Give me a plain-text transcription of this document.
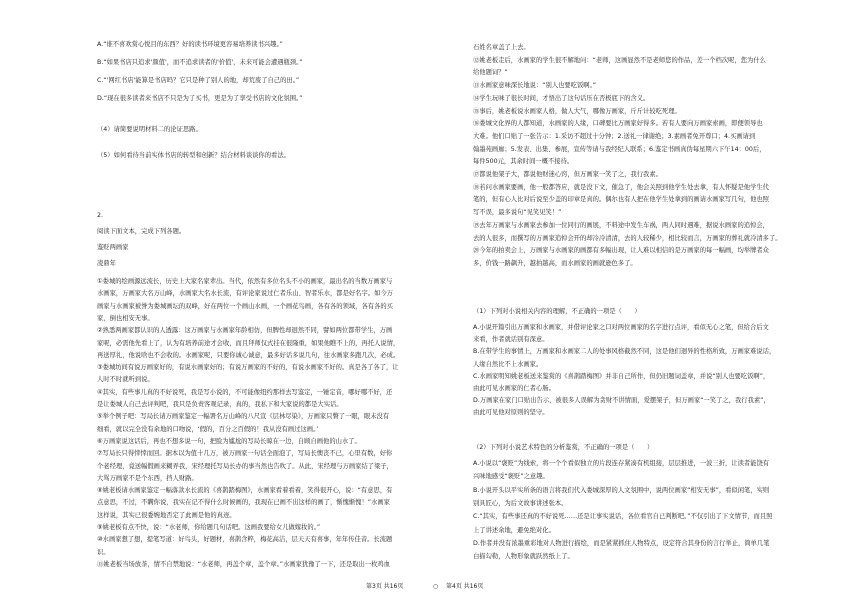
第3页 共16页
A.“谁不喜欢赏心悦目的东西？好的读书环境更容易培养读书兴趣。”
B.“如果书店只追求'颜值'，而不追求读者的'价值'，未来可能会遭遇瓶颈。”
C.“'网红书店'能算是书店吗？它只是种了别人的地，却荒废了自己的田。”
D.“现在很多读者来书店不只是为了买书，更是为了享受书店的文化氛围。”
（4）请简要说明材料二的论证思路。
（5）如何看待当前实体书店的转型和创新？结合材料谈谈你的看法。
2.
阅读下面文本，完成下列各题。
鉴贬两画家
凌鼎年
①娄城的绘画源远流长，历史上大家名家辈出。当代，依然有多位名头不小的画家，最出名的当数万画家与
水画家，万画家大名万山峰，水画家大名水长流，有评论家说过仁者乐山、智者乐水，都是好名字。如今万
画家与水画家被誉为娄城画坛的双峰，好在两位一个画山水画，一个画花鸟画，各有各的领域，各有各的买
家，倒也相安无事。
②熟悉两画家都认识的人透露：这万画家与水画家年龄相仿，但脾性却迥然不同，譬如两位都带学生，万画
家呢，必需他先看上了，认为有培养前途才会收，而且拜师仅式挂在很隆重，如果他瞧不上的，再托人说情，
再送厚礼，他说啥也不会收的。水画家呢，只要你诚心诚意，最多好话多说几句，往水画家多跑几次，必成。
③娄城坊间有说万画家好的，有说水画家好的；有说万画家的不好的，有说水画家不好的。真是各了各了，让
人时不时就听到说。
④其实，有些事儿真的不好说死，我是写小说的，不可能像纽约那样去写鉴定，一锤定音，哪好哪不好，还
是让娄城人自己去评判吧，我只是负责客观记录，真的，我私下和大家说的都是大实话。
⑤举个例子吧：写局长请万画家鉴定一幅署名万山峰的八尺宣《层林尽染》，万画家只瞥了一眼，眼未没有
细看，就以完全没有余地的口吻说，‘假的，百分之百假的！我从没有画过这画。’
⑥万画家说这话后，再也不想多说一句，把脸为尴尬的写局长晾在一边，自顾自画他的山水了。
⑦写局长只得悻悻而回。据本以为值十几万，被万画家一句话全面泡了，写局长懊丧不已，心里有数，好你
个老经理，竟送幅假画来糊弄我，宋经理托写局长办的事当然也告吹了。从此，宋经理与万画家结了梁子，
大骂万画家不是个东西，挡人财路。
⑧姚老板请水画家鉴定一幅落款水长流的《喜鹊踏梅图》，水画家看着看着，笑得很开心，说：“有意思，有
点意思，不过，不瞒你说，我实在记不得什么时候画的，我现在已画不出这样的画了，惭愧惭愧！”水画家
这样说，其实已很委婉地否定了此画是他的真迹。
⑨姚老板有点不快，说：“水老师，你给题几句话吧。这画我要给女儿做嫁妆的。”
⑩水画家想了想，提笔写道：好鸟头，好题材，喜鹊含粹，梅花高洁，层天天有喜事，年年传佳音。长流题
识。
⑪姚老板当场放茶，情不自禁地说：“水老师，再盖个章，盖个章。”水画家犹豫了一下，还是取出一枚鸡血
第4页 共16页
石姓名章盖了上去。
⑫姚老板走后，水画家的学生很不解地问：“老师，这画显然不是老师您的作品，差一个档次呢，您为什么
给他题词？”
⑬水画家意味深长地说：“别人也要吃饭啊。”
⑭学生玩味了很长时间，才悟出了这句话压在否极底下的含义。
⑮事后，姚老板说水画家人格，做人大气，哪像万画家，斤斤计较吃死理。
⑯娄城文化界的人都知道，水画家的人缘，口碑要比万画家好得多。若有人要向万画家索画，即便领导也
大难。他们口贴了一张告示：1.采访不超过十分钟；2.送礼一律谢绝；3.素画者免开尊口；4.买画请到
翰墨苑画廊；5.发表、出集、参展，宣传等请与我经纪人联系；6.鉴定书画真伪每星期六下午14：00后，
每件500元，其余时间一概不接待。
⑰都说他架子大，都说他财迷心窍，但万画家一笑了之，我行我素。
⑱若问水画家要画，他一般都答应，就是没下文，催急了，他会关照到他学生处去拿，有人怀疑是他学生代
笔的，但有心人比对后说至少盖的印章是真的。偶尔也有人把在他学生处拿到的画请水画家写几句，他也照
写不误，最多说句“见笑见笑！”
⑲去年万画家与水画家去参加一位同行的画展，不料途中发生车祸，两人同时遇难，据说水画家的追悼会，
去的人很多，而撰写的万画家追悼会开的却冷冷清清，去的人较稀少，相比较而言，万画家的葬礼就冷清多了。
⑳今年的拍卖会上，万画家与水画家的画都有多幅出现，让人难以相信的是万画家的每一幅画，均举牌者众
多，价钱一路飙升，越拍越高，而水画家的画就逊色多了。
（1）下列对小说相关内容的理解，不正确的一项是（　　）
A.小说开篇引出万画家和水画家，并借评论家之口对两位画家的名字进行点评，看似无心之笔，但给合后文
来看，作者就话别有深意。
B.在带学生的事情上，万画家和水画家二人的处事风格截然不同，这是他们迥异的性格所致，万画家难说话，
人缘自然比不上水画家。
C.水画家明知姚老板送来鉴赏的《喜鹊踏梅图》并非自己所作，但仍旧题词盖章，并说“别人也要吃饭啊”，
由此可见水画家的仁者心肠。
D.万画家在家门口贴出告示，被很多人误解为贪财不讲情面，爱摆架子，但万画家“一笑了之，我行我素”，
由此可见他对原则的坚守。
（2）下列对小说艺术特色的分析鉴赏，不正确的一项是（　　）
A.小说以“褒贬”为线索，将一个个看似独立的片段连存紧凑有机组接，层层推进，一波三折，让读者能饶有
兴味地感受“褒贬”之意趣。
B.小说开头以平实所条的语言将我们代入娄城深厚的人文氛围中，说两位画家“相安无事”，看似闲笔，实则
别具匠心，为后文故事讲述张本。
C.“其实，有些事还真的不好说死……还是让事实说话，各位看官自已判断吧。”不仅引出了下文情节，而且照
上了讲述余地，避免绝对化。
D.作者并没有浓墨重彩地对人物进行描绘，而是紧紧抓住人物特点，设定符合其身份的言行举止，简单几笔
白描勾勒，人物形象就跃然纸上了。
○
